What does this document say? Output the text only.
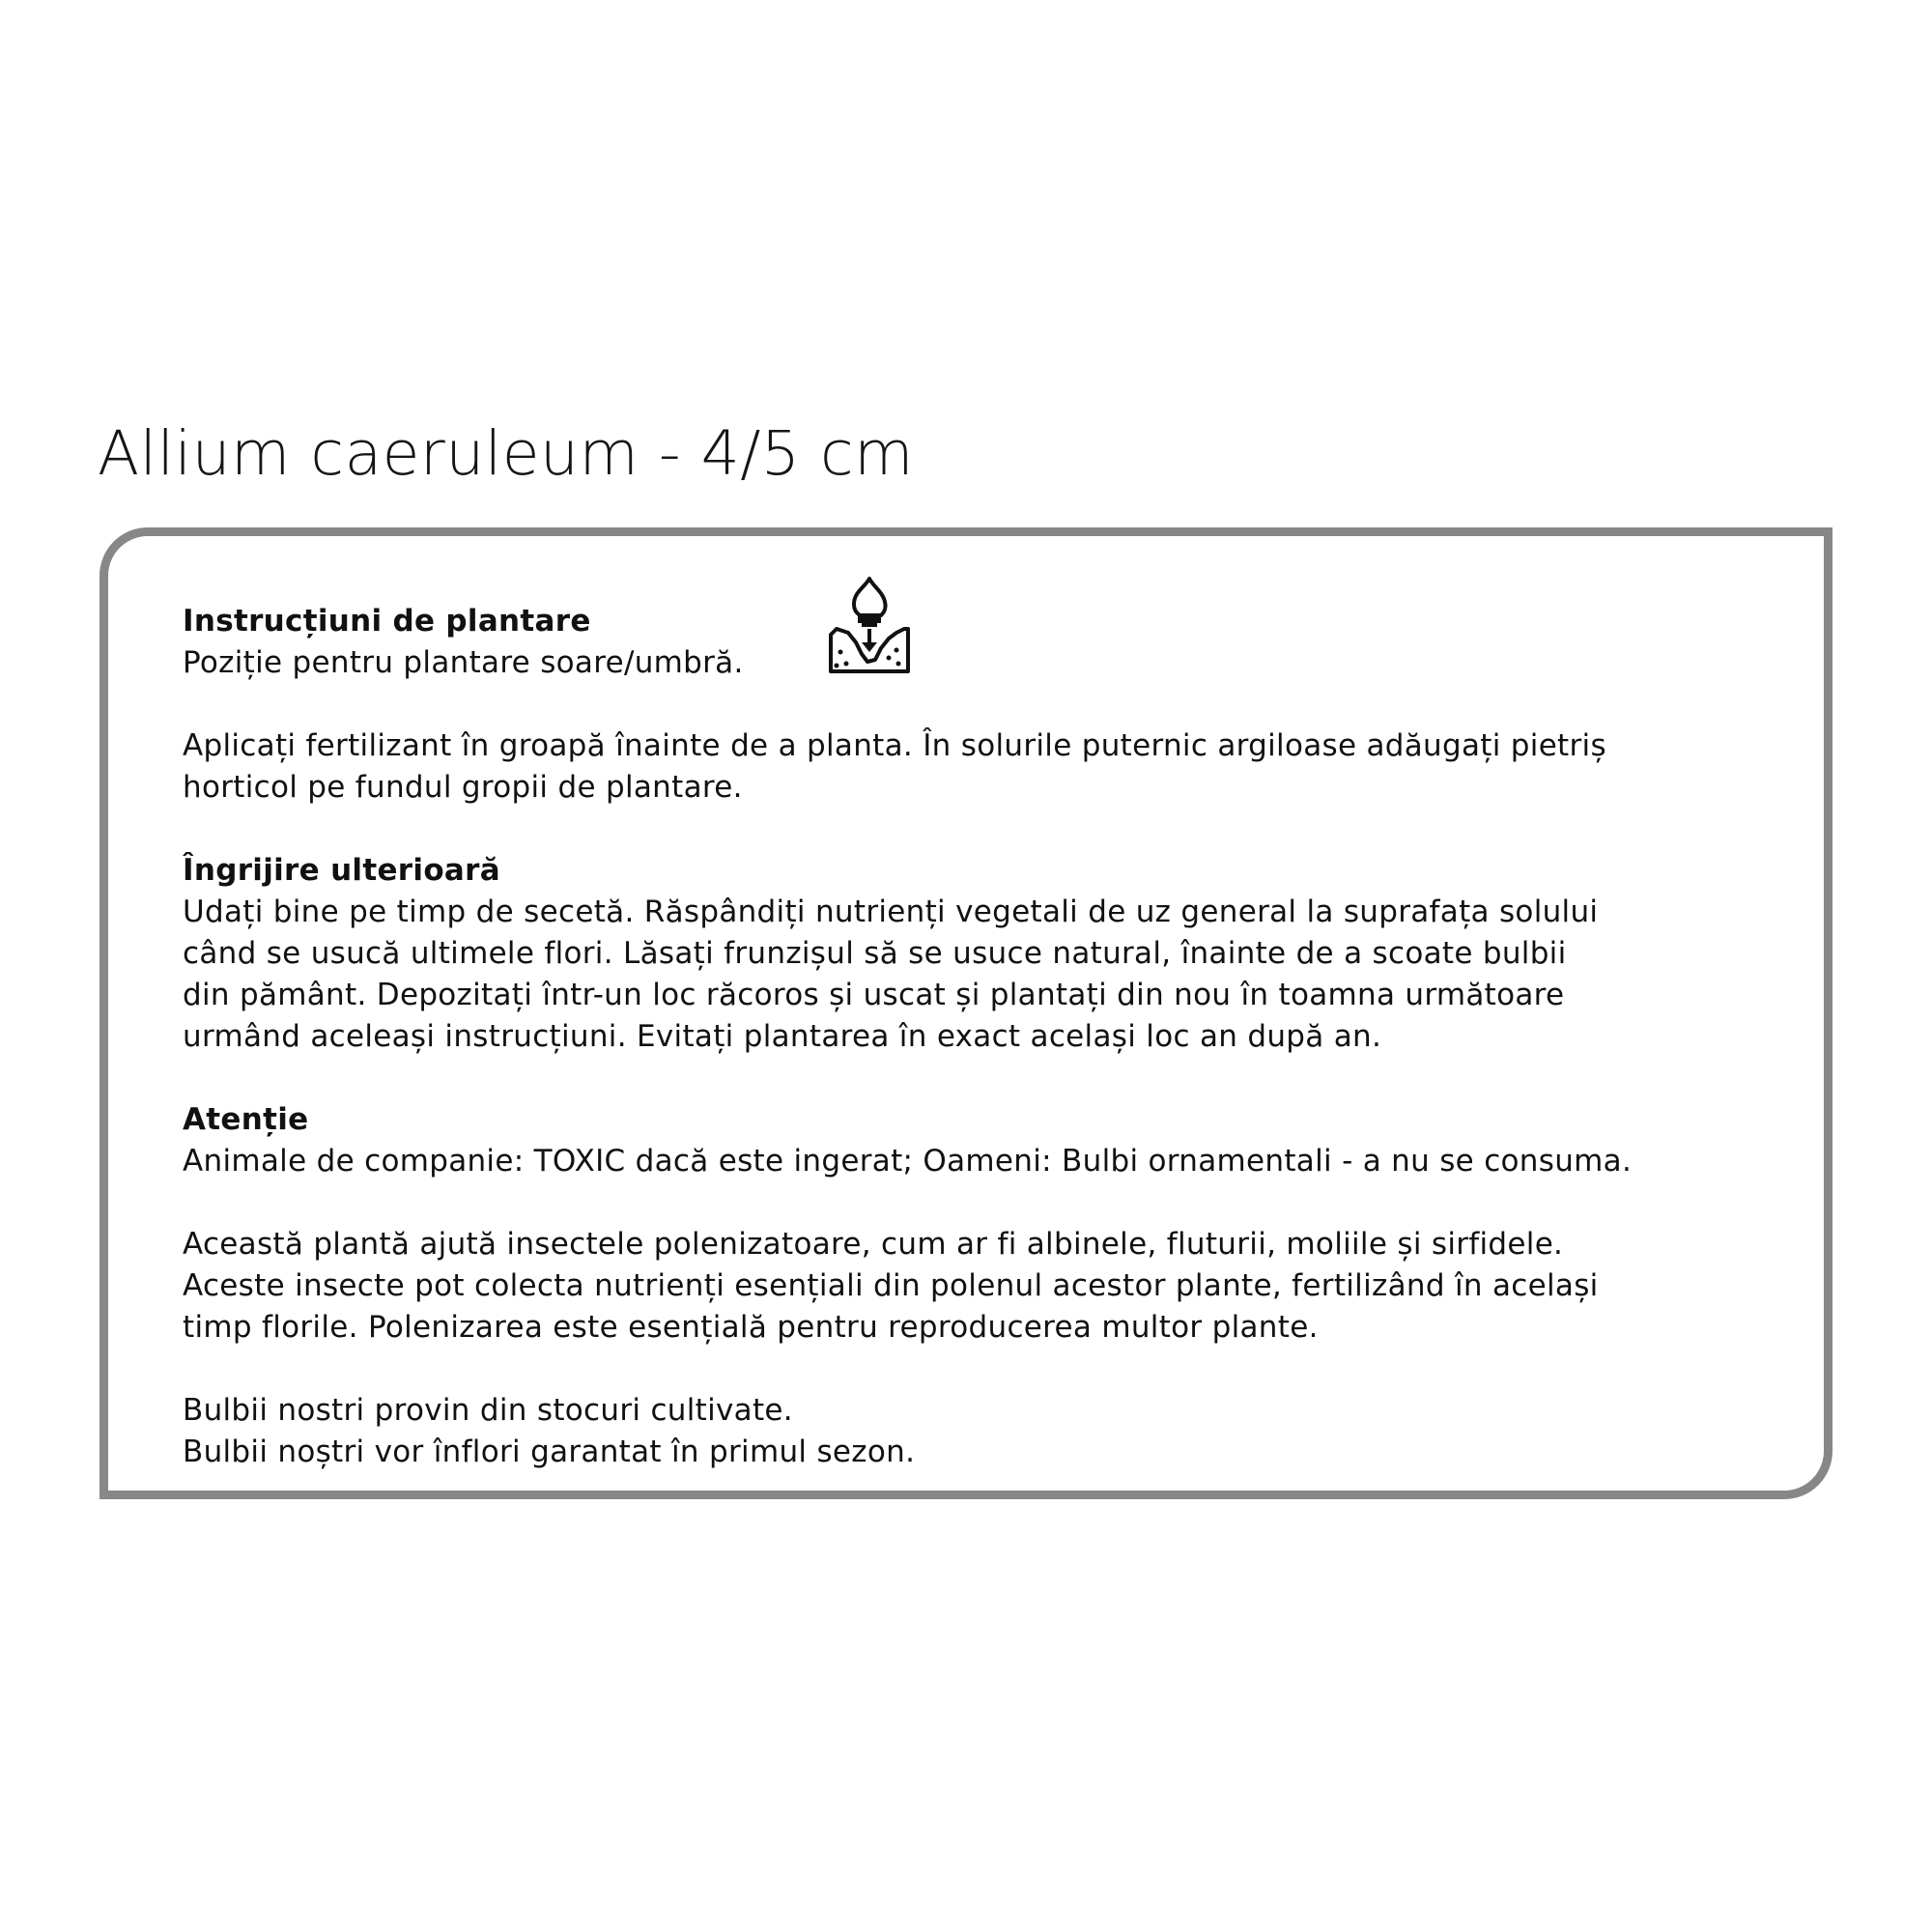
Allium caeruleum - 4/5 cm
Instrucțiuni de plantare
Poziție pentru plantare soare/umbră.
Aplicați fertilizant în groapă înainte de a planta. În solurile puternic argiloase adăugați pietriș
horticol pe fundul gropii de plantare.
Îngrijire ulterioară
Udați bine pe timp de secetă. Răspândiți nutrienți vegetali de uz general la suprafața solului
când se usucă ultimele flori. Lăsați frunzișul să se usuce natural, înainte de a scoate bulbii
din pământ. Depozitați într-un loc răcoros și uscat și plantați din nou în toamna următoare
urmând aceleași instrucțiuni. Evitați plantarea în exact același loc an după an.
Atenție
Animale de companie: TOXIC dacă este ingerat; Oameni: Bulbi ornamentali - a nu se consuma.
Această plantă ajută insectele polenizatoare, cum ar fi albinele, fluturii, moliile și sirfidele.
Aceste insecte pot colecta nutrienți esențiali din polenul acestor plante, fertilizând în același
timp florile. Polenizarea este esențială pentru reproducerea multor plante.
Bulbii nostri provin din stocuri cultivate.
Bulbii noștri vor înflori garantat în primul sezon.
